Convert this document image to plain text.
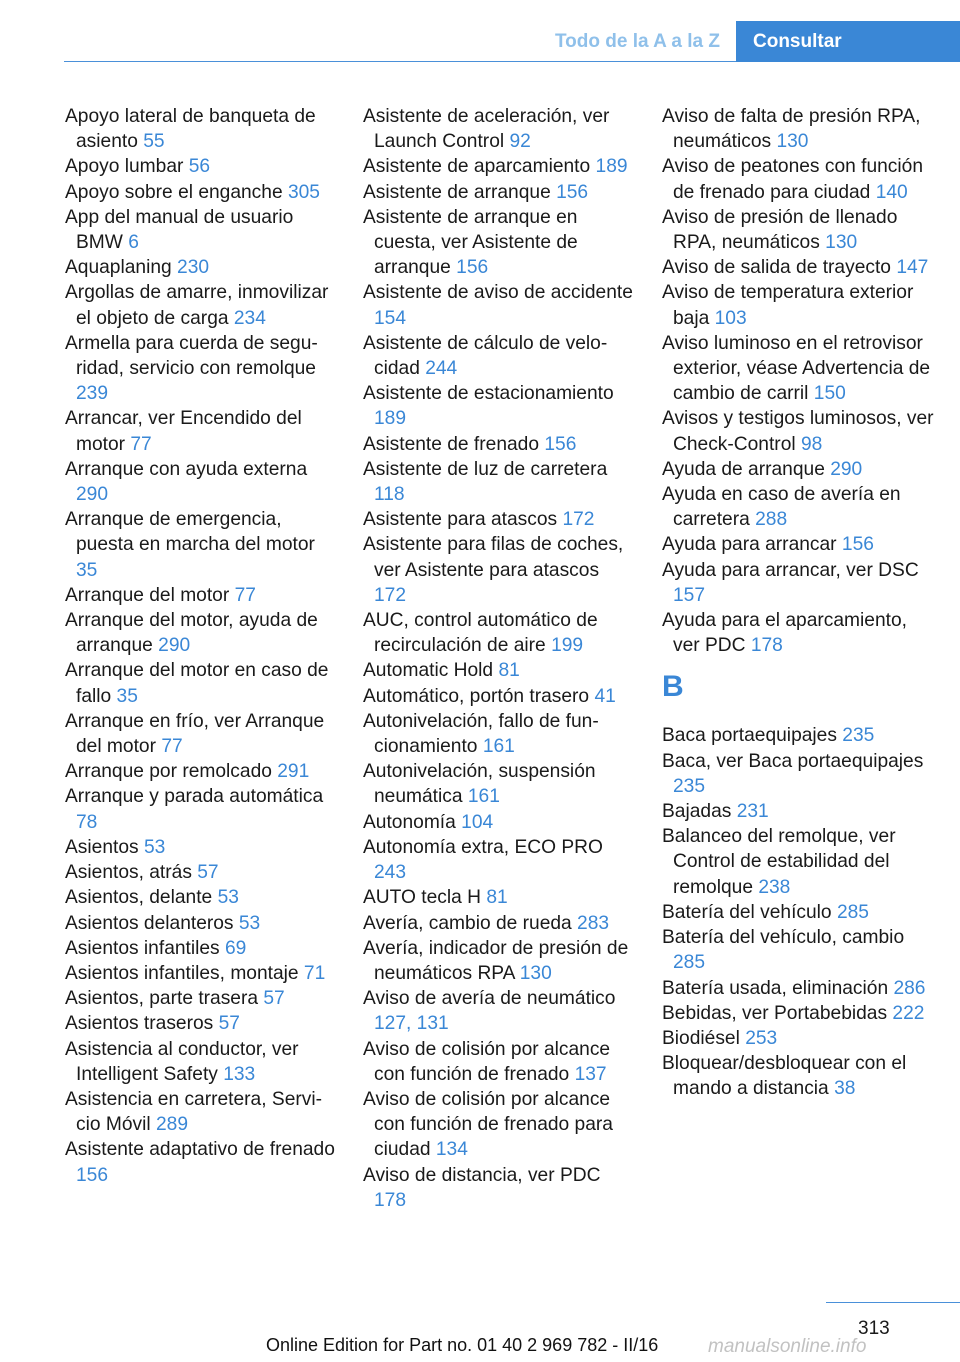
Todo de la A a la Z	Consultar
Apoyo lateral de banqueta de asiento 55
Apoyo lumbar 56
Apoyo sobre el enganche 305
App del manual de usuario BMW 6
Aquaplaning 230
Argollas de amarre, inmovilizar el objeto de carga 234
Armella para cuerda de seguridad, servicio con remolque 239
Arrancar, ver Encendido del motor 77
Arranque con ayuda externa 290
Arranque de emergencia, puesta en marcha del motor 35
Arranque del motor 77
Arranque del motor, ayuda de arranque 290
Arranque del motor en caso de fallo 35
Arranque en frío, ver Arranque del motor 77
Arranque por remolcado 291
Arranque y parada automática 78
Asientos 53
Asientos, atrás 57
Asientos, delante 53
Asientos delanteros 53
Asientos infantiles 69
Asientos infantiles, montaje 71
Asientos, parte trasera 57
Asientos traseros 57
Asistencia al conductor, ver Intelligent Safety 133
Asistencia en carretera, Servicio Móvil 289
Asistente adaptativo de frenado 156
Asistente de aceleración, ver Launch Control 92
Asistente de aparcamiento 189
Asistente de arranque 156
Asistente de arranque en cuesta, ver Asistente de arranque 156
Asistente de aviso de accidente 154
Asistente de cálculo de velocidad 244
Asistente de estacionamiento 189
Asistente de frenado 156
Asistente de luz de carretera 118
Asistente para atascos 172
Asistente para filas de coches, ver Asistente para atascos 172
AUC, control automático de recirculación de aire 199
Automatic Hold 81
Automático, portón trasero 41
Autonivelación, fallo de funcionamiento 161
Autonivelación, suspensión neumática 161
Autonomía 104
Autonomía extra, ECO PRO 243
AUTO tecla H 81
Avería, cambio de rueda 283
Avería, indicador de presión de neumáticos RPA 130
Aviso de avería de neumático 127, 131
Aviso de colisión por alcance con función de frenado 137
Aviso de colisión por alcance con función de frenado para ciudad 134
Aviso de distancia, ver PDC 178
Aviso de falta de presión RPA, neumáticos 130
Aviso de peatones con función de frenado para ciudad 140
Aviso de presión de llenado RPA, neumáticos 130
Aviso de salida de trayecto 147
Aviso de temperatura exterior baja 103
Aviso luminoso en el retrovisor exterior, véase Advertencia de cambio de carril 150
Avisos y testigos luminosos, ver Check-Control 98
Ayuda de arranque 290
Ayuda en caso de avería en carretera 288
Ayuda para arrancar 156
Ayuda para arrancar, ver DSC 157
Ayuda para el aparcamiento, ver PDC 178
B
Baca portaequipajes 235
Baca, ver Baca portaequipajes 235
Bajadas 231
Balanceo del remolque, ver Control de estabilidad del remolque 238
Batería del vehículo 285
Batería del vehículo, cambio 285
Batería usada, eliminación 286
Bebidas, ver Portabebidas 222
Biodiésel 253
Bloquear/desbloquear con el mando a distancia 38
313
Online Edition for Part no. 01 40 2 969 782 - II/16	manualsonline.info
